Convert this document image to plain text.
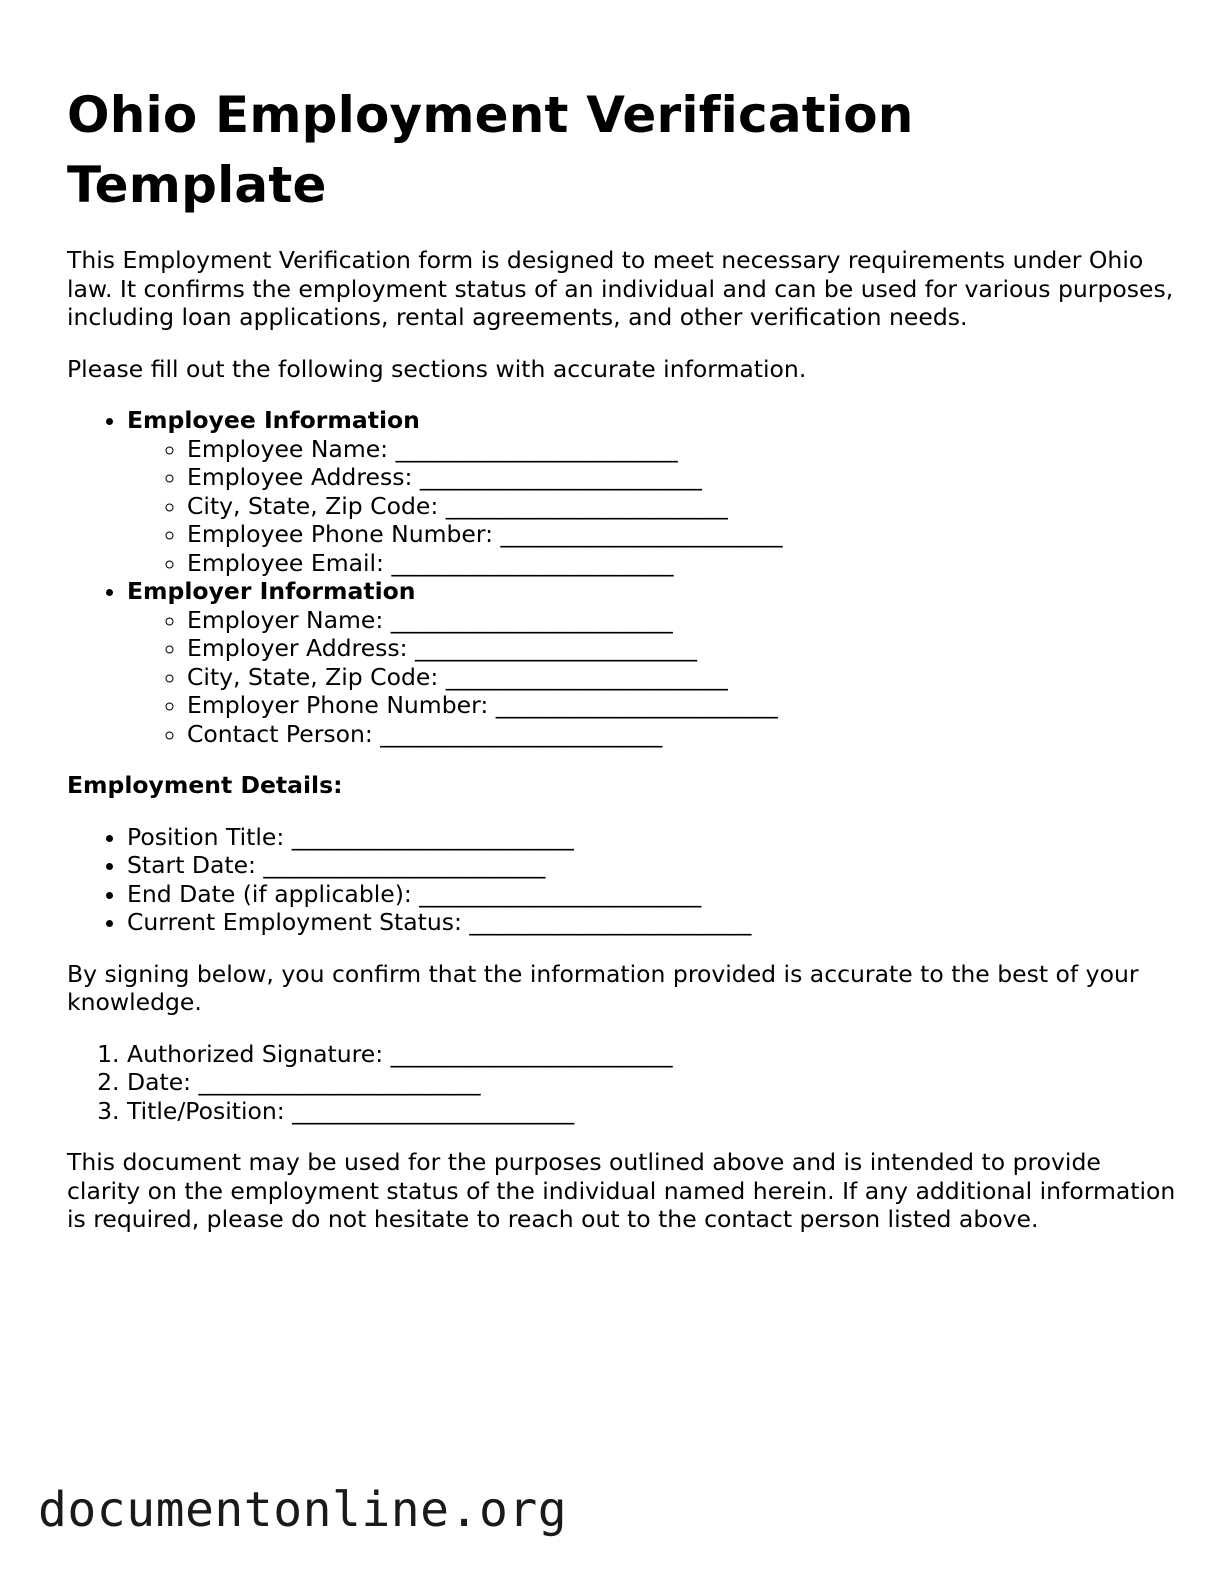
Ohio Employment Verification Template

This Employment Verification form is designed to meet necessary requirements under Ohio law. It confirms the employment status of an individual and can be used for various purposes, including loan applications, rental agreements, and other verification needs.

Please fill out the following sections with accurate information.

• Employee Information
◦ Employee Name: ________________________
◦ Employee Address: ________________________
◦ City, State, Zip Code: ________________________
◦ Employee Phone Number: ________________________
◦ Employee Email: ________________________
• Employer Information
◦ Employer Name: ________________________
◦ Employer Address: ________________________
◦ City, State, Zip Code: ________________________
◦ Employer Phone Number: ________________________
◦ Contact Person: ________________________

Employment Details:

• Position Title: ________________________
• Start Date: ________________________
• End Date (if applicable): ________________________
• Current Employment Status: ________________________

By signing below, you confirm that the information provided is accurate to the best of your knowledge.

1. Authorized Signature: ________________________
2. Date: ________________________
3. Title/Position: ________________________

This document may be used for the purposes outlined above and is intended to provide clarity on the employment status of the individual named herein. If any additional information is required, please do not hesitate to reach out to the contact person listed above.

documentonline.org
